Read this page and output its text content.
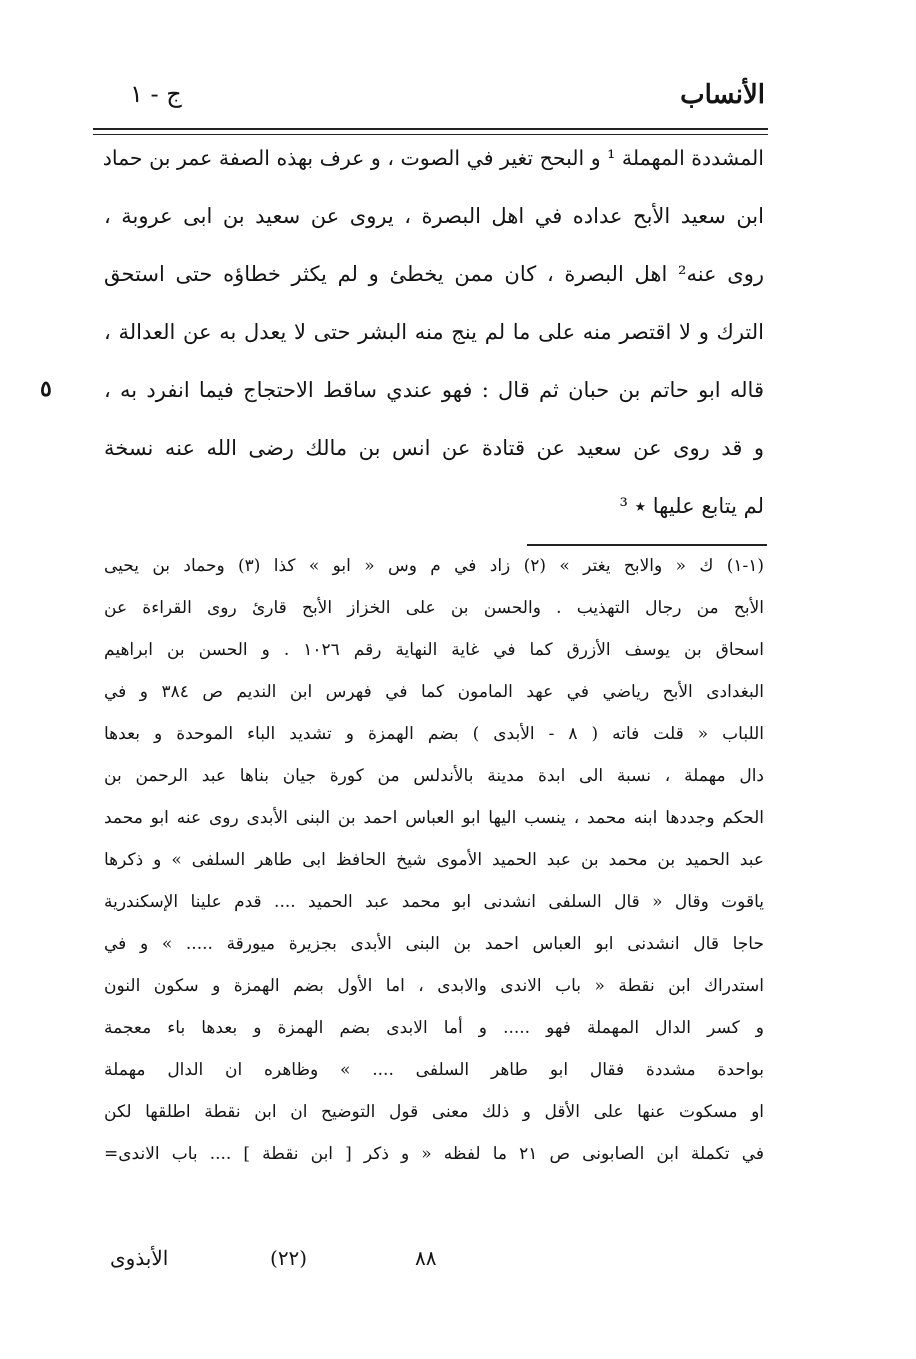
الأنساب
ج - ١
المشددة المهملة ¹ و البحح تغير في الصوت ، و عرف بهذه الصفة عمر بن حماد
ابن سعيد الأبح عداده في اهل البصرة ، يروى عن سعيد بن ابى عروبة ،
روى عنه² اهل البصرة ، كان ممن يخطئ و لم يكثر خطاؤه حتى استحق
الترك و لا اقتصر منه على ما لم ينج منه البشر حتى لا يعدل به عن العدالة ،
قاله ابو حاتم بن حبان ثم قال : فهو عندي ساقط الاحتجاج فيما انفرد به ،
و قد روى عن سعيد عن قتادة عن انس بن مالك رضى الله عنه نسخة
لم يتابع عليها ٭ ³
٥
(١-١) ك « والابح يغتر » (٢) زاد في م وس « ابو » كذا (٣) وحماد بن يحيى
الأبح من رجال التهذيب . والحسن بن على الخزاز الأبح قارئ روى القراءة عن
اسحاق بن يوسف الأزرق كما في غاية النهاية رقم ١٠٢٦ . و الحسن بن ابراهيم
البغدادى الأبح رياضي في عهد المامون كما في فهرس ابن النديم ص ٣٨٤ و في
اللباب « قلت فاته ( ٨ - الأبدى ) بضم الهمزة و تشديد الباء الموحدة و بعدها
دال مهملة ، نسبة الى ابدة مدينة بالأندلس من كورة جيان بناها عبد الرحمن بن
الحكم وجددها ابنه محمد ، ينسب اليها ابو العباس احمد بن البنى الأبدى روى عنه ابو محمد
عبد الحميد بن محمد بن عبد الحميد الأموى شيخ الحافظ ابى طاهر السلفى » و ذكرها
ياقوت وقال « قال السلفى انشدنى ابو محمد عبد الحميد .... قدم علينا الإسكندرية
حاجا قال انشدنى ابو العباس احمد بن البنى الأبدى بجزيرة ميورقة ..... » و في
استدراك ابن نقطة « باب الاندى والابدى ، اما الأول بضم الهمزة و سكون النون
و كسر الدال المهملة فهو ..... و أما الابدى بضم الهمزة و بعدها باء معجمة
بواحدة مشددة فقال ابو طاهر السلفى .... » وظاهره ان الدال مهملة
او مسكوت عنها على الأقل و ذلك معنى قول التوضيح ان ابن نقطة اطلقها لكن
في تكملة ابن الصابونى ص ٢١ ما لفظه « و ذكر [ ابن نقطة ] .... باب الاندى=
الأبذوى	(٢٢)	٨٨
